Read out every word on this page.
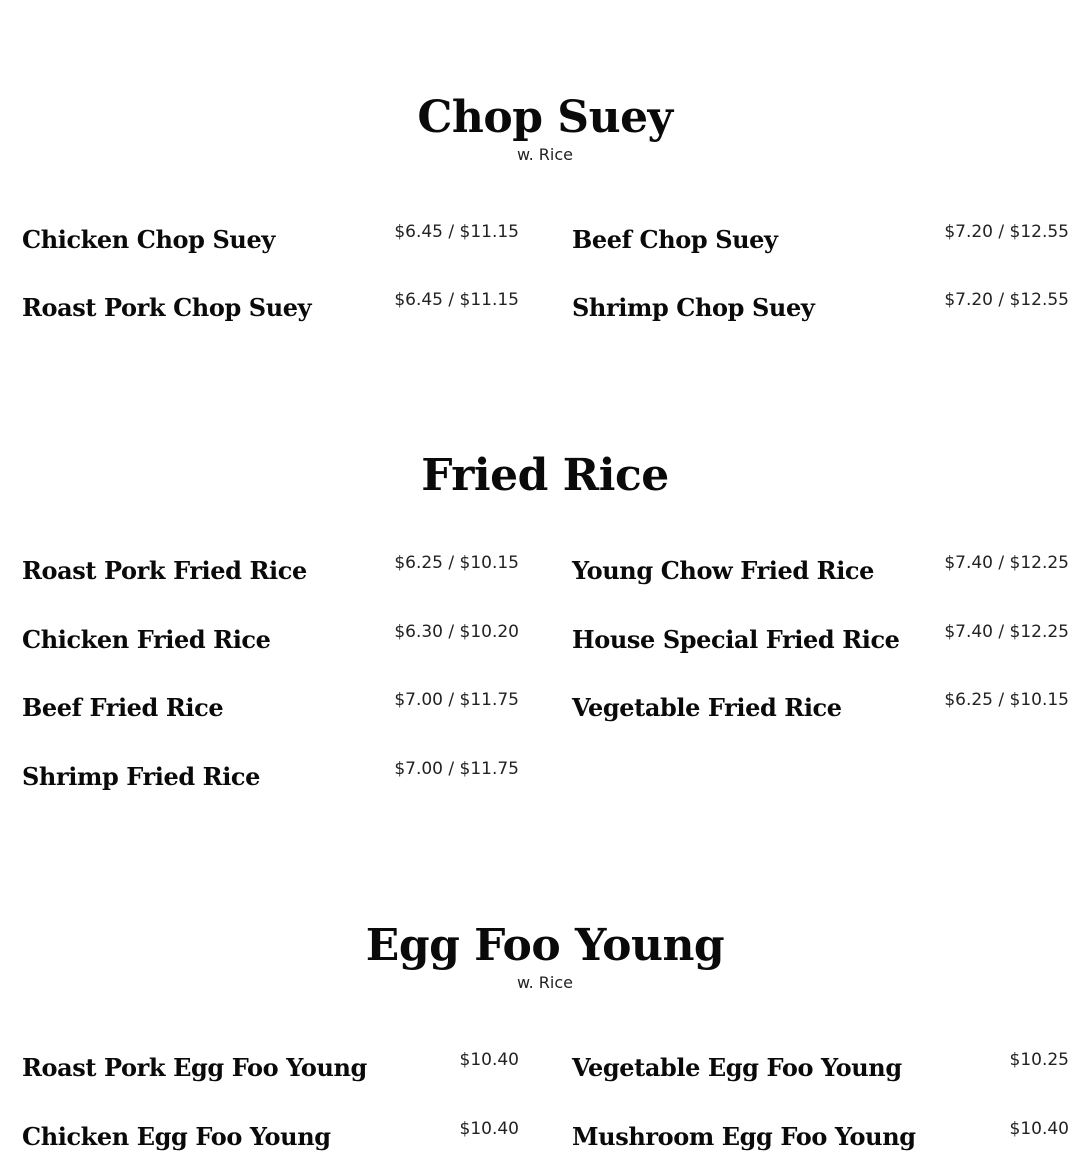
Chop Suey
w. Rice
Chicken Chop Suey	$6.45 / $11.15 Beef Chop Suey	$7.20 / $12.55
Roast Pork Chop Suey	$6.45 / $11.15 Shrimp Chop Suey	$7.20 / $12.55
Fried Rice
Roast Pork Fried Rice	$6.25 / $10.15 Young Chow Fried Rice	$7.40 / $12.25
Chicken Fried Rice	$6.30 / $10.20 House Special Fried Rice	$7.40 / $12.25
Beef Fried Rice	$7.00 / $11.75 Vegetable Fried Rice	$6.25 / $10.15
Shrimp Fried Rice	$7.00 / $11.75
Egg Foo Young
w. Rice
Roast Pork Egg Foo Young	$10.40 Vegetable Egg Foo Young	$10.25
Chicken Egg Foo Young	$10.40 Mushroom Egg Foo Young	$10.40
